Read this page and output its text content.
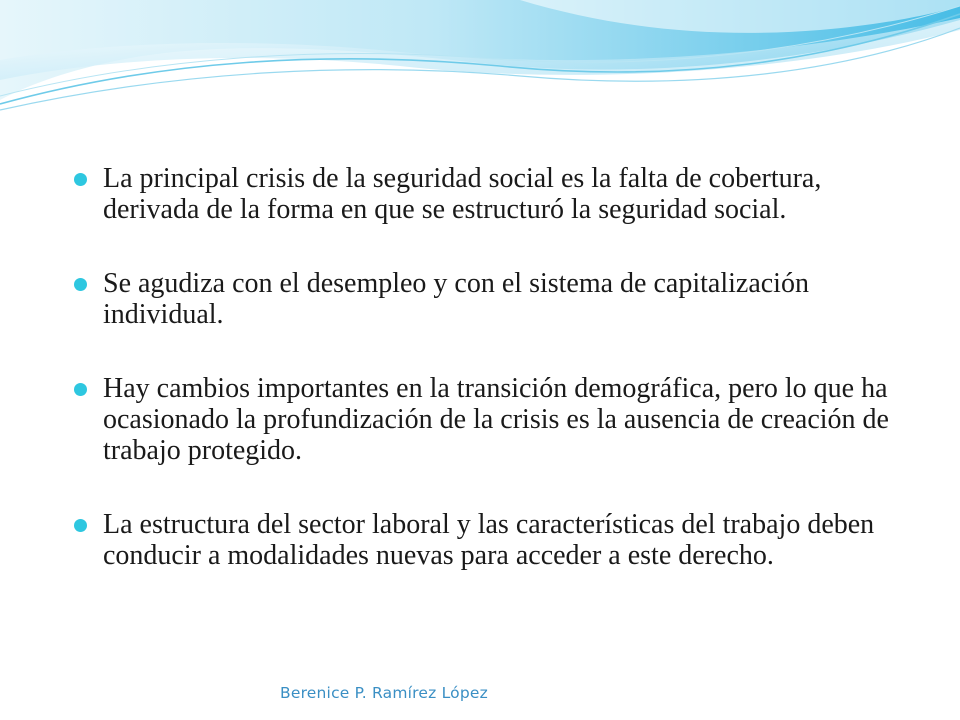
La principal crisis de la seguridad social es la falta de cobertura, derivada de la forma en que se estructuró la seguridad social.
Se agudiza con el desempleo y con el sistema de capitalización individual.
Hay cambios importantes en la transición demográfica, pero lo que ha ocasionado la profundización de la crisis es la ausencia de creación de trabajo protegido.
La estructura del sector laboral y las características del trabajo deben conducir a modalidades nuevas para acceder a este derecho.
Berenice P. Ramírez López
